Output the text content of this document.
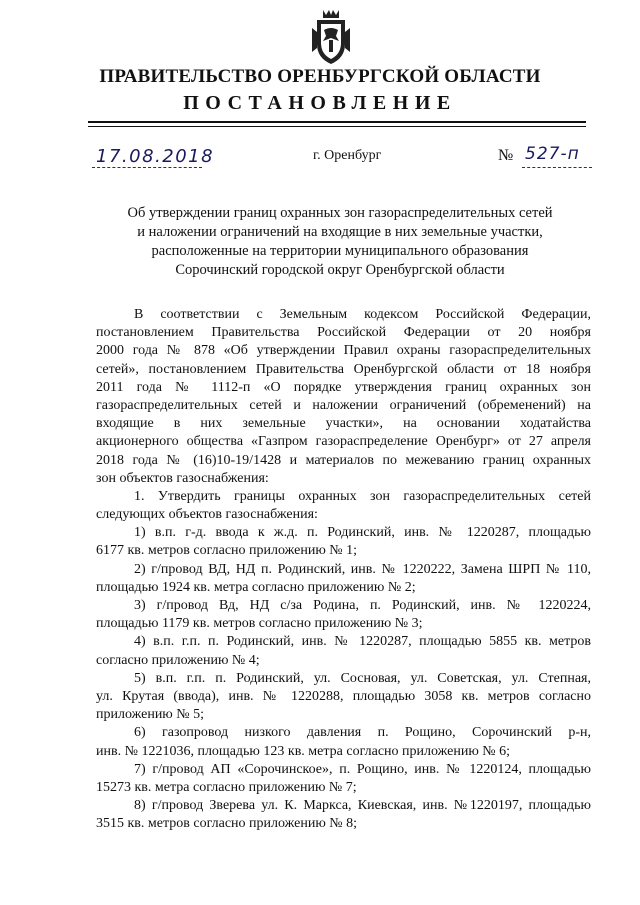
ПРАВИТЕЛЬСТВО ОРЕНБУРГСКОЙ ОБЛАСТИ
ПОСТАНОВЛЕНИЕ
17.08.2018	г. Оренбург	№ 527-п
Об утверждении границ охранных зон газораспределительных сетей
и наложении ограничений на входящие в них земельные участки,
расположенные на территории муниципального образования
Сорочинский городской округ Оренбургской области
В соответствии с Земельным кодексом Российской Федерации,
постановлением Правительства Российской Федерации от 20 ноября
2000 года № 878 «Об утверждении Правил охраны газораспределительных
сетей», постановлением Правительства Оренбургской области от 18 ноября
2011 года № 1112-п «О порядке утверждения границ охранных зон
газораспределительных сетей и наложении ограничений (обременений) на
входящие в них земельные участки», на основании ходатайства
акционерного общества «Газпром газораспределение Оренбург» от 27 апреля
2018 года № (16)10-19/1428 и материалов по межеванию границ охранных
зон объектов газоснабжения:
1. Утвердить границы охранных зон газораспределительных сетей
следующих объектов газоснабжения:
1) в.п. г-д. ввода к ж.д. п. Родинский, инв. № 1220287, площадью
6177 кв. метров согласно приложению № 1;
2) г/провод ВД, НД п. Родинский, инв. № 1220222, Замена ШРП № 110,
площадью 1924 кв. метра согласно приложению № 2;
3) г/провод Вд, НД с/за Родина, п. Родинский, инв. № 1220224,
площадью 1179 кв. метров согласно приложению № 3;
4) в.п. г.п. п. Родинский, инв. № 1220287, площадью 5855 кв. метров
согласно приложению № 4;
5) в.п. г.п. п. Родинский, ул. Сосновая, ул. Советская, ул. Степная,
ул. Крутая (ввода), инв. № 1220288, площадью 3058 кв. метров согласно
приложению № 5;
6) газопровод низкого давления п. Рощино, Сорочинский р-н,
инв. № 1221036, площадью 123 кв. метра согласно приложению № 6;
7) г/провод АП «Сорочинское», п. Рощино, инв. № 1220124, площадью
15273 кв. метра согласно приложению № 7;
8) г/провод Зверева ул. К. Маркса, Киевская, инв. №1220197, площадью
3515 кв. метров согласно приложению № 8;
